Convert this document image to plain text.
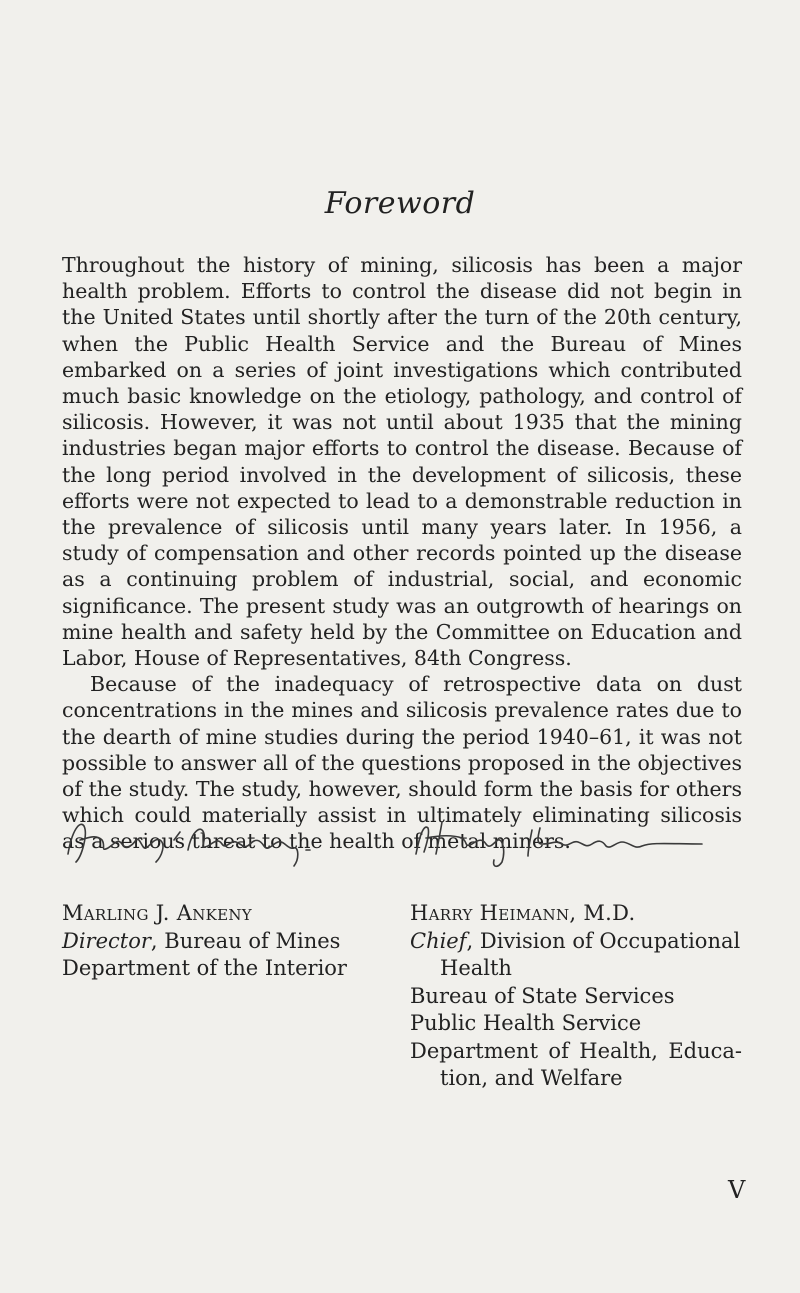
Foreword

Throughout the history of mining, silicosis has been a major health problem. Efforts to control the disease did not begin in the United States until shortly after the turn of the 20th century, when the Public Health Service and the Bureau of Mines embarked on a series of joint investigations which contributed much basic knowledge on the etiology, pathology, and control of silicosis. However, it was not until about 1935 that the mining industries began major efforts to control the disease. Because of the long period involved in the development of silicosis, these efforts were not expected to lead to a demonstrable reduction in the prevalence of silicosis until many years later. In 1956, a study of compensation and other records pointed up the disease as a continuing problem of industrial, social, and economic significance. The present study was an outgrowth of hearings on mine health and safety held by the Committee on Education and Labor, House of Representatives, 84th Congress.

Because of the inadequacy of retrospective data on dust concentrations in the mines and silicosis prevalence rates due to the dearth of mine studies during the period 1940–61, it was not possible to answer all of the questions proposed in the objectives of the study. The study, however, should form the basis for others which could materially assist in ultimately eliminating silicosis as a serious threat to the health of metal miners.

Marling J. Ankeny
Director, Bureau of Mines
Department of the Interior
Harry Heimann, M.D.
Chief, Division of Occupational
Health
Bureau of State Services
Public Health Service
Department of Health, Educa-
tion, and Welfare
V
